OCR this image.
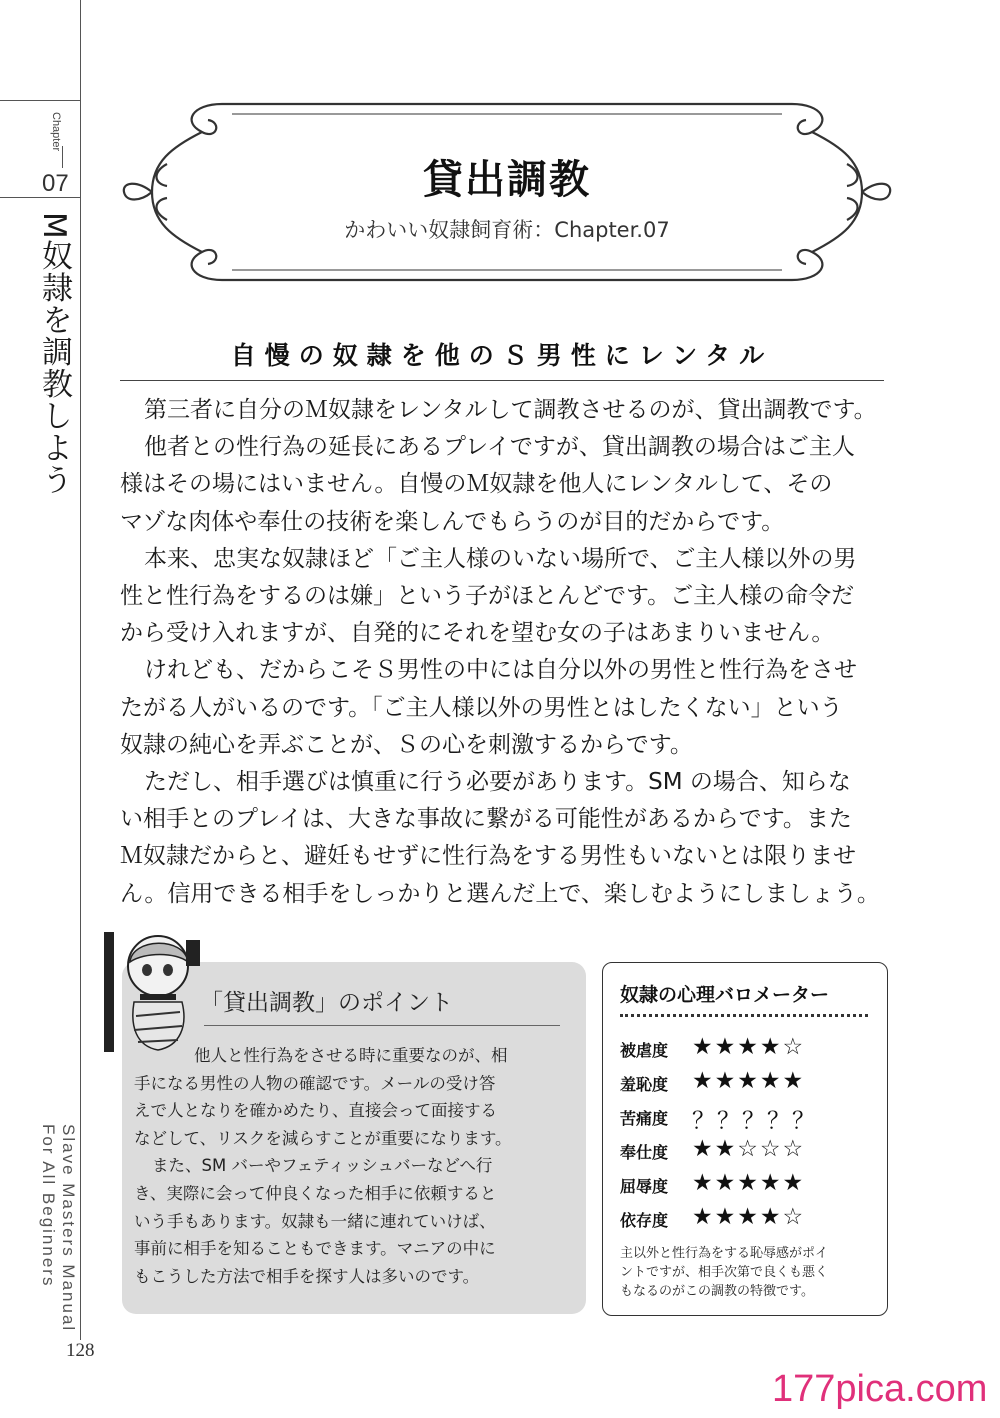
Chapter
07
M奴隷を調教しよう
Slave Masters Manual
For All Beginners
128
貸出調教
かわいい奴隷飼育術：Chapter.07
自慢の奴隷を他のＳ男性にレンタル
第三者に自分のＭ奴隷をレンタルして調教させるのが、貸出調教です。
他者との性行為の延長にあるプレイですが、貸出調教の場合はご主人
様はその場にはいません。自慢のＭ奴隷を他人にレンタルして、その
マゾな肉体や奉仕の技術を楽しんでもらうのが目的だからです。
本来、忠実な奴隷ほど「ご主人様のいない場所で、ご主人様以外の男
性と性行為をするのは嫌」という子がほとんどです。ご主人様の命令だ
から受け入れますが、自発的にそれを望む女の子はあまりいません。
けれども、だからこそＳ男性の中には自分以外の男性と性行為をさせ
たがる人がいるのです。「ご主人様以外の男性とはしたくない」という
奴隷の純心を弄ぶことが、Ｓの心を刺激するからです。
ただし、相手選びは慎重に行う必要があります。SM の場合、知らな
い相手とのプレイは、大きな事故に繋がる可能性があるからです。また
Ｍ奴隷だからと、避妊もせずに性行為をする男性もいないとは限りませ
ん。信用できる相手をしっかりと選んだ上で、楽しむようにしましょう。
「貸出調教」のポイント
他人と性行為をさせる時に重要なのが、相
手になる男性の人物の確認です。メールの受け答
えで人となりを確かめたり、直接会って面接する
などして、リスクを減らすことが重要になります。
また、SM バーやフェティッシュバーなどへ行
き、実際に会って仲良くなった相手に依頼すると
いう手もあります。奴隷も一緒に連れていけば、
事前に相手を知ることもできます。マニアの中に
もこうした方法で相手を探す人は多いのです。
奴隷の心理バロメーター
被虐度 ★★★★☆
羞恥度 ★★★★★
苦痛度 ？？？？？
奉仕度 ★★☆☆☆
屈辱度 ★★★★★
依存度 ★★★★☆
主以外と性行為をする恥辱感がポイ
ントですが、相手次第で良くも悪く
もなるのがこの調教の特徴です。
177pica.com
